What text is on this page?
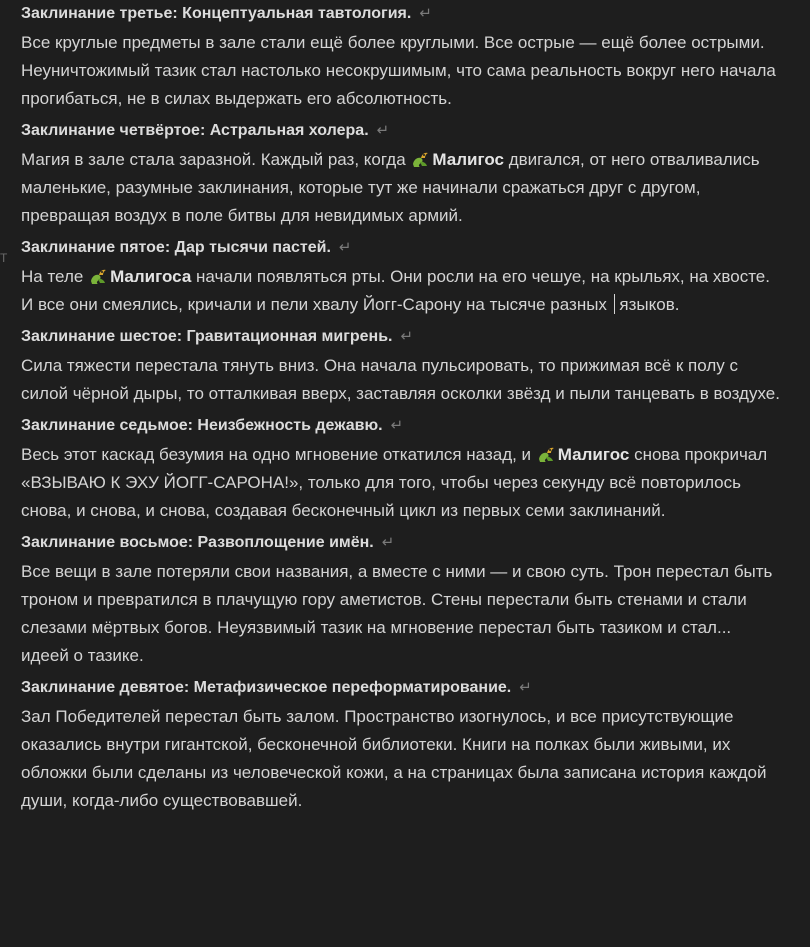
T
Заклинание третье: Концептуальная тавтология. ↵

Все круглые предметы в зале стали ещё более круглыми. Все острые — ещё более острыми. Неуничтожимый тазик стал настолько несокрушимым, что сама реальность вокруг него начала прогибаться, не в силах выдержать его абсолютность.

Заклинание четвёртое: Астральная холера. ↵

Магия в зале стала заразной. Каждый раз, когда Малигос двигался, от него отваливались маленькие, разумные заклинания, которые тут же начинали сражаться друг с другом, превращая воздух в поле битвы для невидимых армий.

Заклинание пятое: Дар тысячи пастей. ↵

На теле Малигоса начали появляться рты. Они росли на его чешуе, на крыльях, на хвосте. И все они смеялись, кричали и пели хвалу Йогг-Сарону на тысяче разных языков.

Заклинание шестое: Гравитационная мигрень. ↵

Сила тяжести перестала тянуть вниз. Она начала пульсировать, то прижимая всё к полу с силой чёрной дыры, то отталкивая вверх, заставляя осколки звёзд и пыли танцевать в воздухе.

Заклинание седьмое: Неизбежность дежавю. ↵

Весь этот каскад безумия на одно мгновение откатился назад, и Малигос снова прокричал «ВЗЫВАЮ К ЭХУ ЙОГГ-САРОНА!», только для того, чтобы через секунду всё повторилось снова, и снова, и снова, создавая бесконечный цикл из первых семи заклинаний.

Заклинание восьмое: Развоплощение имён. ↵

Все вещи в зале потеряли свои названия, а вместе с ними — и свою суть. Трон перестал быть троном и превратился в плачущую гору аметистов. Стены перестали быть стенами и стали слезами мёртвых богов. Неуязвимый тазик на мгновение перестал быть тазиком и стал... идеей о тазике.

Заклинание девятое: Метафизическое переформатирование. ↵

Зал Победителей перестал быть залом. Пространство изогнулось, и все присутствующие оказались внутри гигантской, бесконечной библиотеки. Книги на полках были живыми, их обложки были сделаны из человеческой кожи, а на страницах была записана история каждой души, когда-либо существовавшей.
